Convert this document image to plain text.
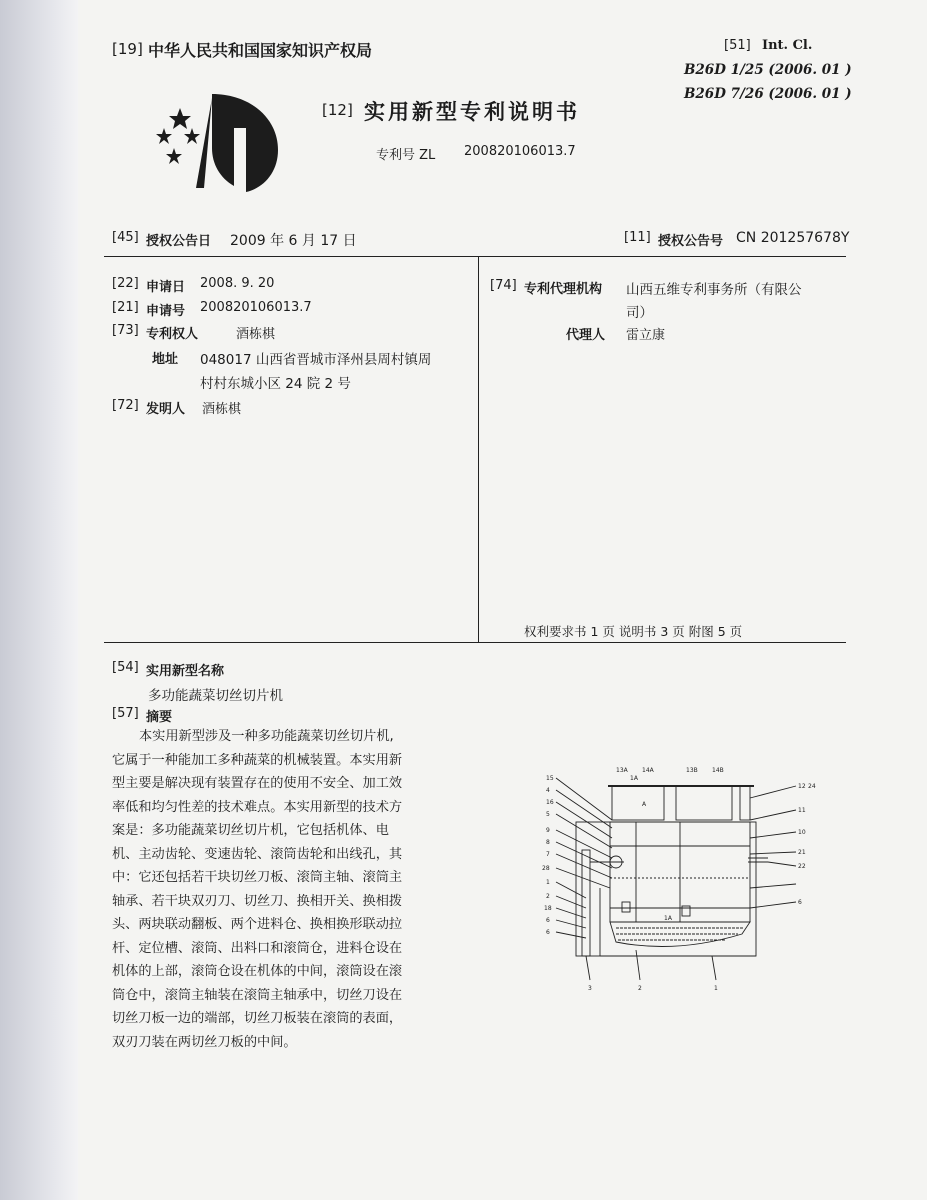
[19] 中华人民共和国国家知识产权局
[12] 实用新型专利说明书
专利号 ZL 200820106013.7
[51] Int. Cl.
B26D 1/25 (2006. 01 )
B26D 7/26 (2006. 01 )
[45] 授权公告日 2009 年 6 月 17 日	[11] 授权公告号 CN 201257678Y
[22] 申请日 2008. 9. 20
[21] 申请号 200820106013.7
[73] 专利权人	酒栋棋
地址 048017 山西省晋城市泽州县周村镇周
村村东城小区 24 院 2 号
[72] 发明人 酒栋棋
[74] 专利代理机构 山西五维专利事务所（有限公
司）
代理人 雷立康
权利要求书 1 页 说明书 3 页 附图 5 页
[54] 实用新型名称
多功能蔬菜切丝切片机
[57] 摘要
本实用新型涉及一种多功能蔬菜切丝切片机,
它属于一种能加工多种蔬菜的机械装置。本实用新
型主要是解决现有装置存在的使用不安全、加工效
率低和均匀性差的技术难点。本实用新型的技术方
案是：多功能蔬菜切丝切片机，它包括机体、电
机、主动齿轮、变速齿轮、滚筒齿轮和出线孔，其
中：它还包括若干块切丝刀板、滚筒主轴、滚筒主
轴承、若干块双刃刀、切丝刀、换相开关、换相拨
头、两块联动翻板、两个进料仓、换相换形联动拉
杆、定位槽、滚筒、出料口和滚筒仓，进料仓设在
机体的上部，滚筒仓设在机体的中间，滚筒设在滚
筒仓中，滚筒主轴装在滚筒主轴承中，切丝刀设在
切丝刀板一边的端部，切丝刀板装在滚筒的表面，
双刃刀装在两切丝刀板的中间。
13A 14A	13B 14B
A
1A
1A
15
4
16
5
9
8
7
28
1
2
18
6
6
12 24
11
10
21
22
6
3	2	1
